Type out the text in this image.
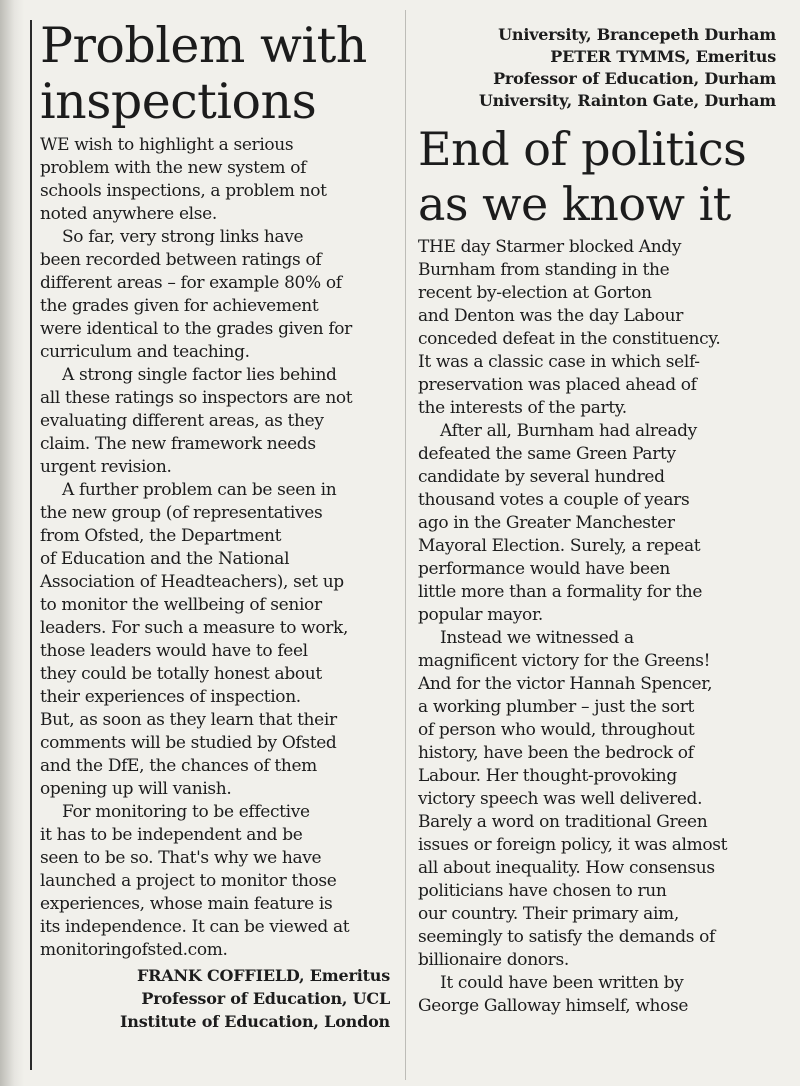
Problem with
inspections
WE wish to highlight a serious
problem with the new system of
schools inspections, a problem not
noted anywhere else.
So far, very strong links have
been recorded between ratings of
different areas – for example 80% of
the grades given for achievement
were identical to the grades given for
curriculum and teaching.
A strong single factor lies behind
all these ratings so inspectors are not
evaluating different areas, as they
claim. The new framework needs
urgent revision.
A further problem can be seen in
the new group (of representatives
from Ofsted, the Department
of Education and the National
Association of Headteachers), set up
to monitor the wellbeing of senior
leaders. For such a measure to work,
those leaders would have to feel
they could be totally honest about
their experiences of inspection.
But, as soon as they learn that their
comments will be studied by Ofsted
and the DfE, the chances of them
opening up will vanish.
For monitoring to be effective
it has to be independent and be
seen to be so. That's why we have
launched a project to monitor those
experiences, whose main feature is
its independence. It can be viewed at
monitoringofsted.com.
FRANK COFFIELD, Emeritus
Professor of Education, UCL
Institute of Education, London
University, Brancepeth Durham
PETER TYMMS, Emeritus
Professor of Education, Durham
University, Rainton Gate, Durham
End of politics
as we know it
THE day Starmer blocked Andy
Burnham from standing in the
recent by-election at Gorton
and Denton was the day Labour
conceded defeat in the constituency.
It was a classic case in which self-
preservation was placed ahead of
the interests of the party.
After all, Burnham had already
defeated the same Green Party
candidate by several hundred
thousand votes a couple of years
ago in the Greater Manchester
Mayoral Election. Surely, a repeat
performance would have been
little more than a formality for the
popular mayor.
Instead we witnessed a
magnificent victory for the Greens!
And for the victor Hannah Spencer,
a working plumber – just the sort
of person who would, throughout
history, have been the bedrock of
Labour. Her thought-provoking
victory speech was well delivered.
Barely a word on traditional Green
issues or foreign policy, it was almost
all about inequality. How consensus
politicians have chosen to run
our country. Their primary aim,
seemingly to satisfy the demands of
billionaire donors.
It could have been written by
George Galloway himself, whose
